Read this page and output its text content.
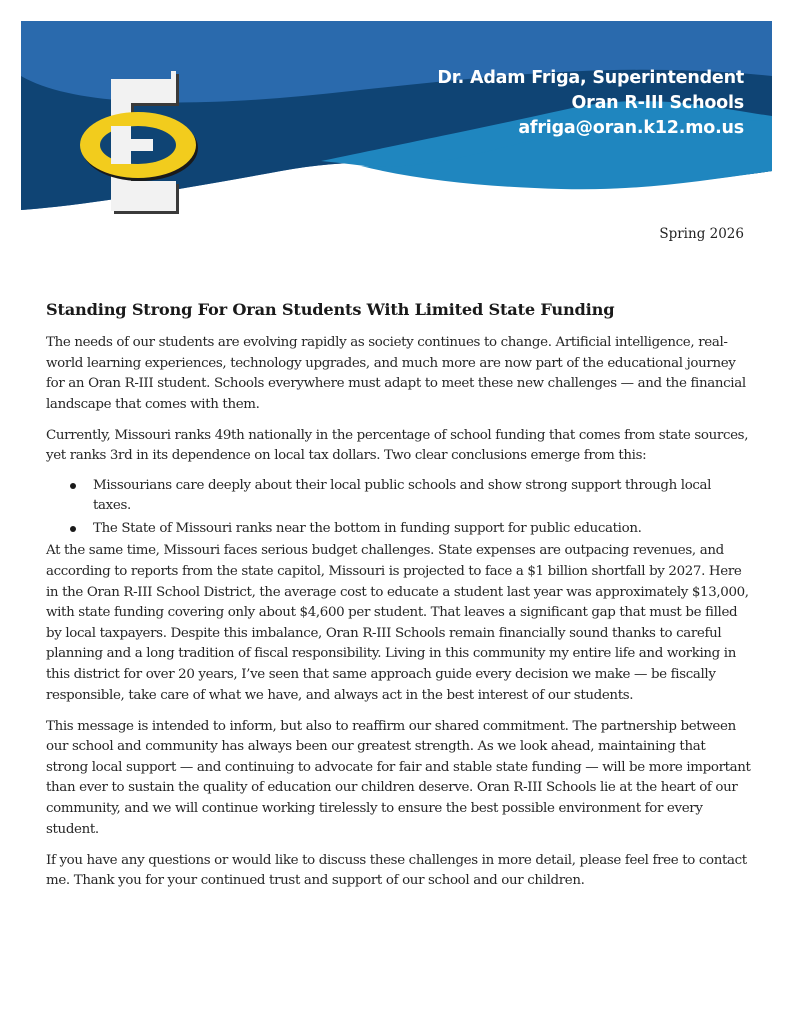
Dr. Adam Friga, Superintendent
Oran R-III Schools
afriga@oran.k12.mo.us
Spring 2026
Standing Strong For Oran Students With Limited State Funding

The needs of our students are evolving rapidly as society continues to change. Artificial intelligence, real-world learning experiences, technology upgrades, and much more are now part of the educational journey for an Oran R-III student. Schools everywhere must adapt to meet these new challenges — and the financial landscape that comes with them.

Currently, Missouri ranks 49th nationally in the percentage of school funding that comes from state sources, yet ranks 3rd in its dependence on local tax dollars. Two clear conclusions emerge from this:

Missourians care deeply about their local public schools and show strong support through local taxes.
The State of Missouri ranks near the bottom in funding support for public education.

At the same time, Missouri faces serious budget challenges. State expenses are outpacing revenues, and according to reports from the state capitol, Missouri is projected to face a $1 billion shortfall by 2027. Here in the Oran R-III School District, the average cost to educate a student last year was approximately $13,000, with state funding covering only about $4,600 per student. That leaves a significant gap that must be filled by local taxpayers. Despite this imbalance, Oran R-III Schools remain financially sound thanks to careful planning and a long tradition of fiscal responsibility. Living in this community my entire life and working in this district for over 20 years, I’ve seen that same approach guide every decision we make — be fiscally responsible, take care of what we have, and always act in the best interest of our students.

This message is intended to inform, but also to reaffirm our shared commitment. The partnership between our school and community has always been our greatest strength. As we look ahead, maintaining that strong local support — and continuing to advocate for fair and stable state funding — will be more important than ever to sustain the quality of education our children deserve. Oran R-III Schools lie at the heart of our community, and we will continue working tirelessly to ensure the best possible environment for every student.

If you have any questions or would like to discuss these challenges in more detail, please feel free to contact me. Thank you for your continued trust and support of our school and our children.
